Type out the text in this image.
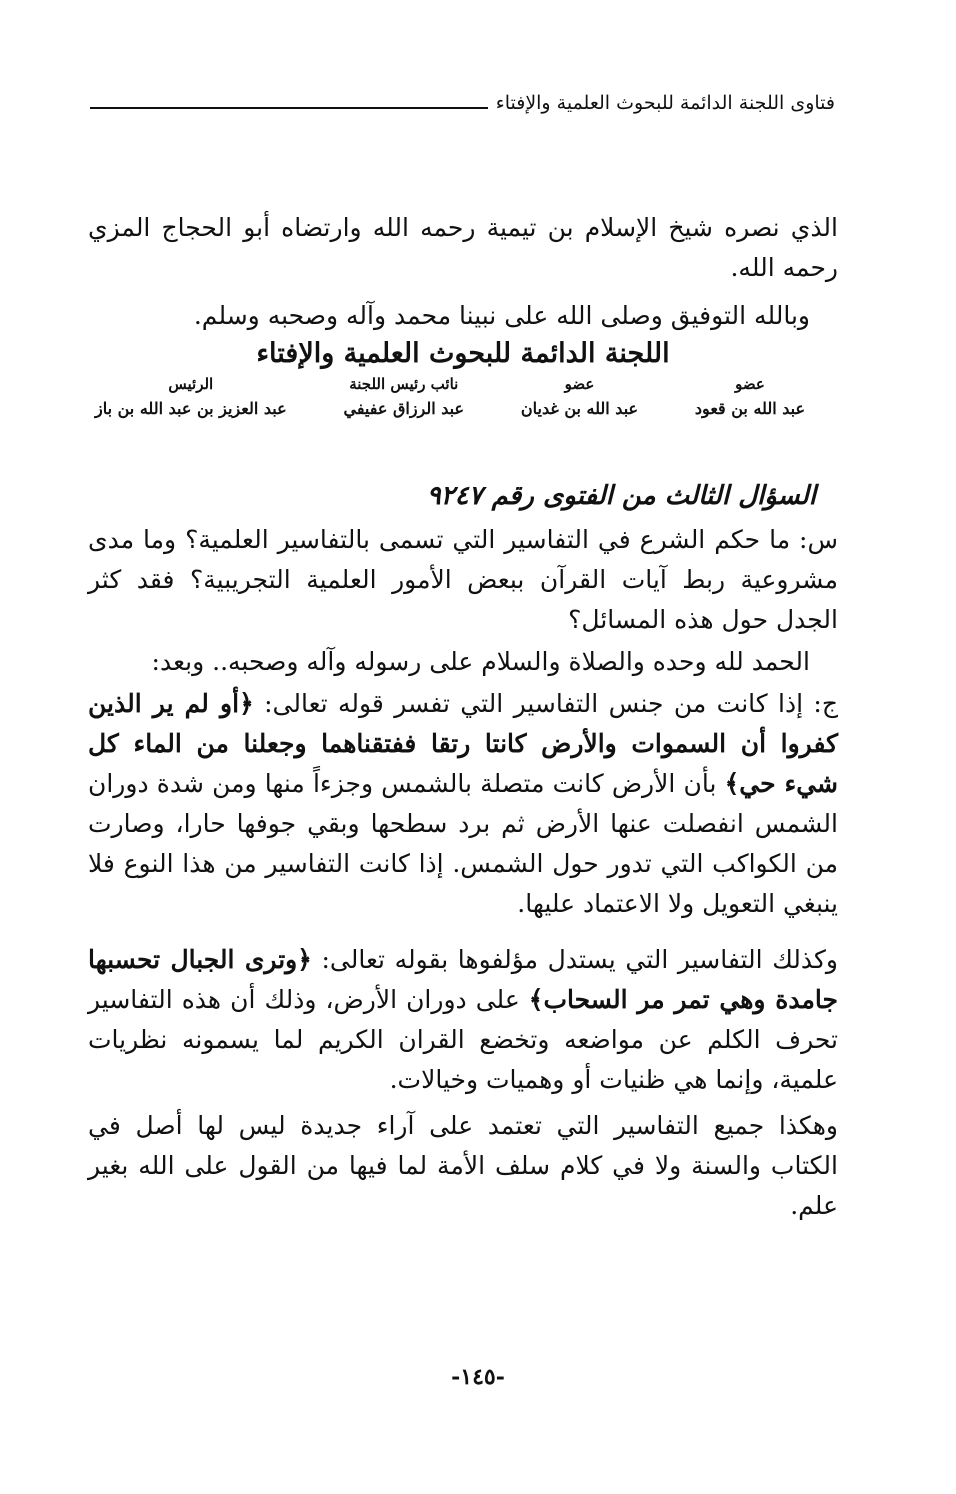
فتاوى اللجنة الدائمة للبحوث العلمية والإفتاء
الذي نصره شيخ الإسلام بن تيمية رحمه الله وارتضاه أبو الحجاج المزي رحمه الله.
وبالله التوفيق وصلى الله على نبينا محمد وآله وصحبه وسلم.
اللجنة الدائمة للبحوث العلمية والإفتاء
عضو
عبد الله بن قعود
عضو
عبد الله بن غديان
نائب رئيس اللجنة
عبد الرزاق عفيفي
الرئيس
عبد العزيز بن عبد الله بن باز
السؤال الثالث من الفتوى رقم ٩٢٤٧
س: ما حكم الشرع في التفاسير التي تسمى بالتفاسير العلمية؟ وما مدى مشروعية ربط آيات القرآن ببعض الأمور العلمية التجريبية؟ فقد كثر الجدل حول هذه المسائل؟
الحمد لله وحده والصلاة والسلام على رسوله وآله وصحبه.. وبعد:
ج: إذا كانت من جنس التفاسير التي تفسر قوله تعالى: ﴿أو لم ير الذين كفروا أن السموات والأرض كانتا رتقا ففتقناهما وجعلنا من الماء كل شيء حي﴾ بأن الأرض كانت متصلة بالشمس وجزءاً منها ومن شدة دوران الشمس انفصلت عنها الأرض ثم برد سطحها وبقي جوفها حارا، وصارت من الكواكب التي تدور حول الشمس. إذا كانت التفاسير من هذا النوع فلا ينبغي التعويل ولا الاعتماد عليها.
وكذلك التفاسير التي يستدل مؤلفوها بقوله تعالى: ﴿وترى الجبال تحسبها جامدة وهي تمر مر السحاب﴾ على دوران الأرض، وذلك أن هذه التفاسير تحرف الكلم عن مواضعه وتخضع القران الكريم لما يسمونه نظريات علمية، وإنما هي ظنيات أو وهميات وخيالات.
وهكذا جميع التفاسير التي تعتمد على آراء جديدة ليس لها أصل في الكتاب والسنة ولا في كلام سلف الأمة لما فيها من القول على الله بغير علم.
-١٤٥-
